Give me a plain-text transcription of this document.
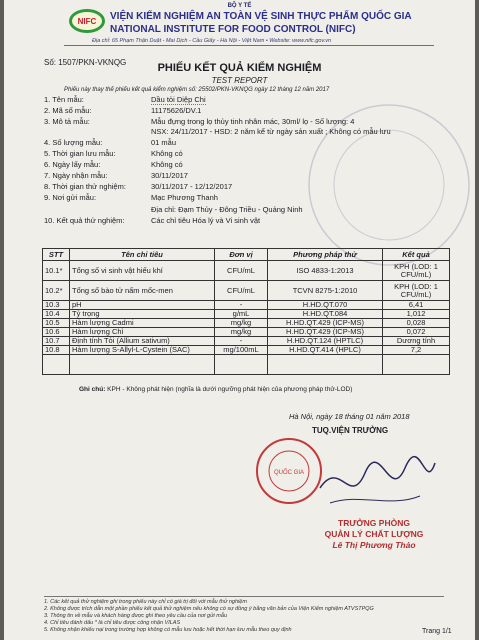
BỘ Y TẾ
NIFC VIỆN KIỂM NGHIỆM AN TOÀN VỆ SINH THỰC PHẨM QUỐC GIA
NATIONAL INSTITUTE FOR FOOD CONTROL (NIFC)
Địa chỉ: 65 Phạm Thận Duật - Mai Dịch - Cầu Giấy - Hà Nội - Việt Nam • Website: www.nifc.gov.vn
Số: 1507/PKN-VKNQG	PHIẾU KẾT QUẢ KIỂM NGHIỆM
TEST REPORT
Phiếu này thay thế phiếu kết quả kiểm nghiệm số: 25502/PKN-VKNQG ngày 12 tháng 12 năm 2017
1. Tên mẫu:	Dầu tỏi Diệp Chi
2. Mã số mẫu:	11175626/DV.1
3. Mô tả mẫu:	Mẫu đựng trong lọ thủy tinh nhân mác, 30ml/ lọ - Số lượng: 4
NSX: 24/11/2017 - HSD: 2 năm kể từ ngày sản xuất ; Không có mẫu lưu
4. Số lượng mẫu:	01 mẫu
5. Thời gian lưu mẫu:	Không có
6. Ngày lấy mẫu:	Không có
7. Ngày nhận mẫu:	30/11/2017
8. Thời gian thử nghiệm:	30/11/2017 - 12/12/2017
9. Nơi gửi mẫu:	Mạc Phương Thanh
Địa chỉ: Đạm Thủy - Đông Triều - Quảng Ninh
10. Kết quả thử nghiệm:	Các chỉ tiêu Hóa lý và Vi sinh vật
STT	Tên chỉ tiêu	Đơn vị	Phương pháp thử	Kết quả
10.1*	Tổng số vi sinh vật hiếu khí	CFU/mL	ISO 4833-1:2013	KPH (LOD: 1 CFU/mL)
10.2*	Tổng số bào tử nấm mốc-men	CFU/mL	TCVN 8275-1:2010	KPH (LOD: 1 CFU/mL)
10.3	pH	-	H.HD.QT.070	6,41
10.4	Tỷ trọng	g/mL	H.HD.QT.084	1,012
10.5	Hàm lượng Cadmi	mg/kg	H.HD.QT.429 (ICP-MS)	0,028
10.6	Hàm lượng Chì	mg/kg	H.HD.QT.429 (ICP-MS)	0,072
10.7	Định tính Tỏi (Allium sativum)	-	H.HD.QT.124 (HPTLC)	Dương tính
10.8	Hàm lượng S-Allyl-L-Cystein (SAC)	mg/100mL	H.HD.QT.414 (HPLC)	7,2

Ghi chú: KPH - Không phát hiện (nghĩa là dưới ngưỡng phát hiện của phương pháp thử-LOD)
Hà Nội, ngày 18 tháng 01 năm 2018
TUQ.VIỆN TRƯỞNG
QUỐC GIA
TRƯỞNG PHÒNG
QUẢN LÝ CHẤT LƯỢNG
Lê Thị Phương Thảo
1. Các kết quả thử nghiệm ghi trong phiếu này chỉ có giá trị đối với mẫu thử nghiệm
2. Không được trích dẫn một phần phiếu kết quả thử nghiệm nếu không có sự đồng ý bằng văn bản của Viện Kiểm nghiệm ATVSTPQG
3. Thông tin về mẫu và khách hàng được ghi theo yêu cầu của nơi gửi mẫu
4. Chỉ tiêu đánh dấu * là chỉ tiêu được công nhận VILAS
5. Không nhận khiếu nại trong trường hợp không có mẫu lưu hoặc hết thời hạn lưu mẫu theo quy định	Trang 1/1
